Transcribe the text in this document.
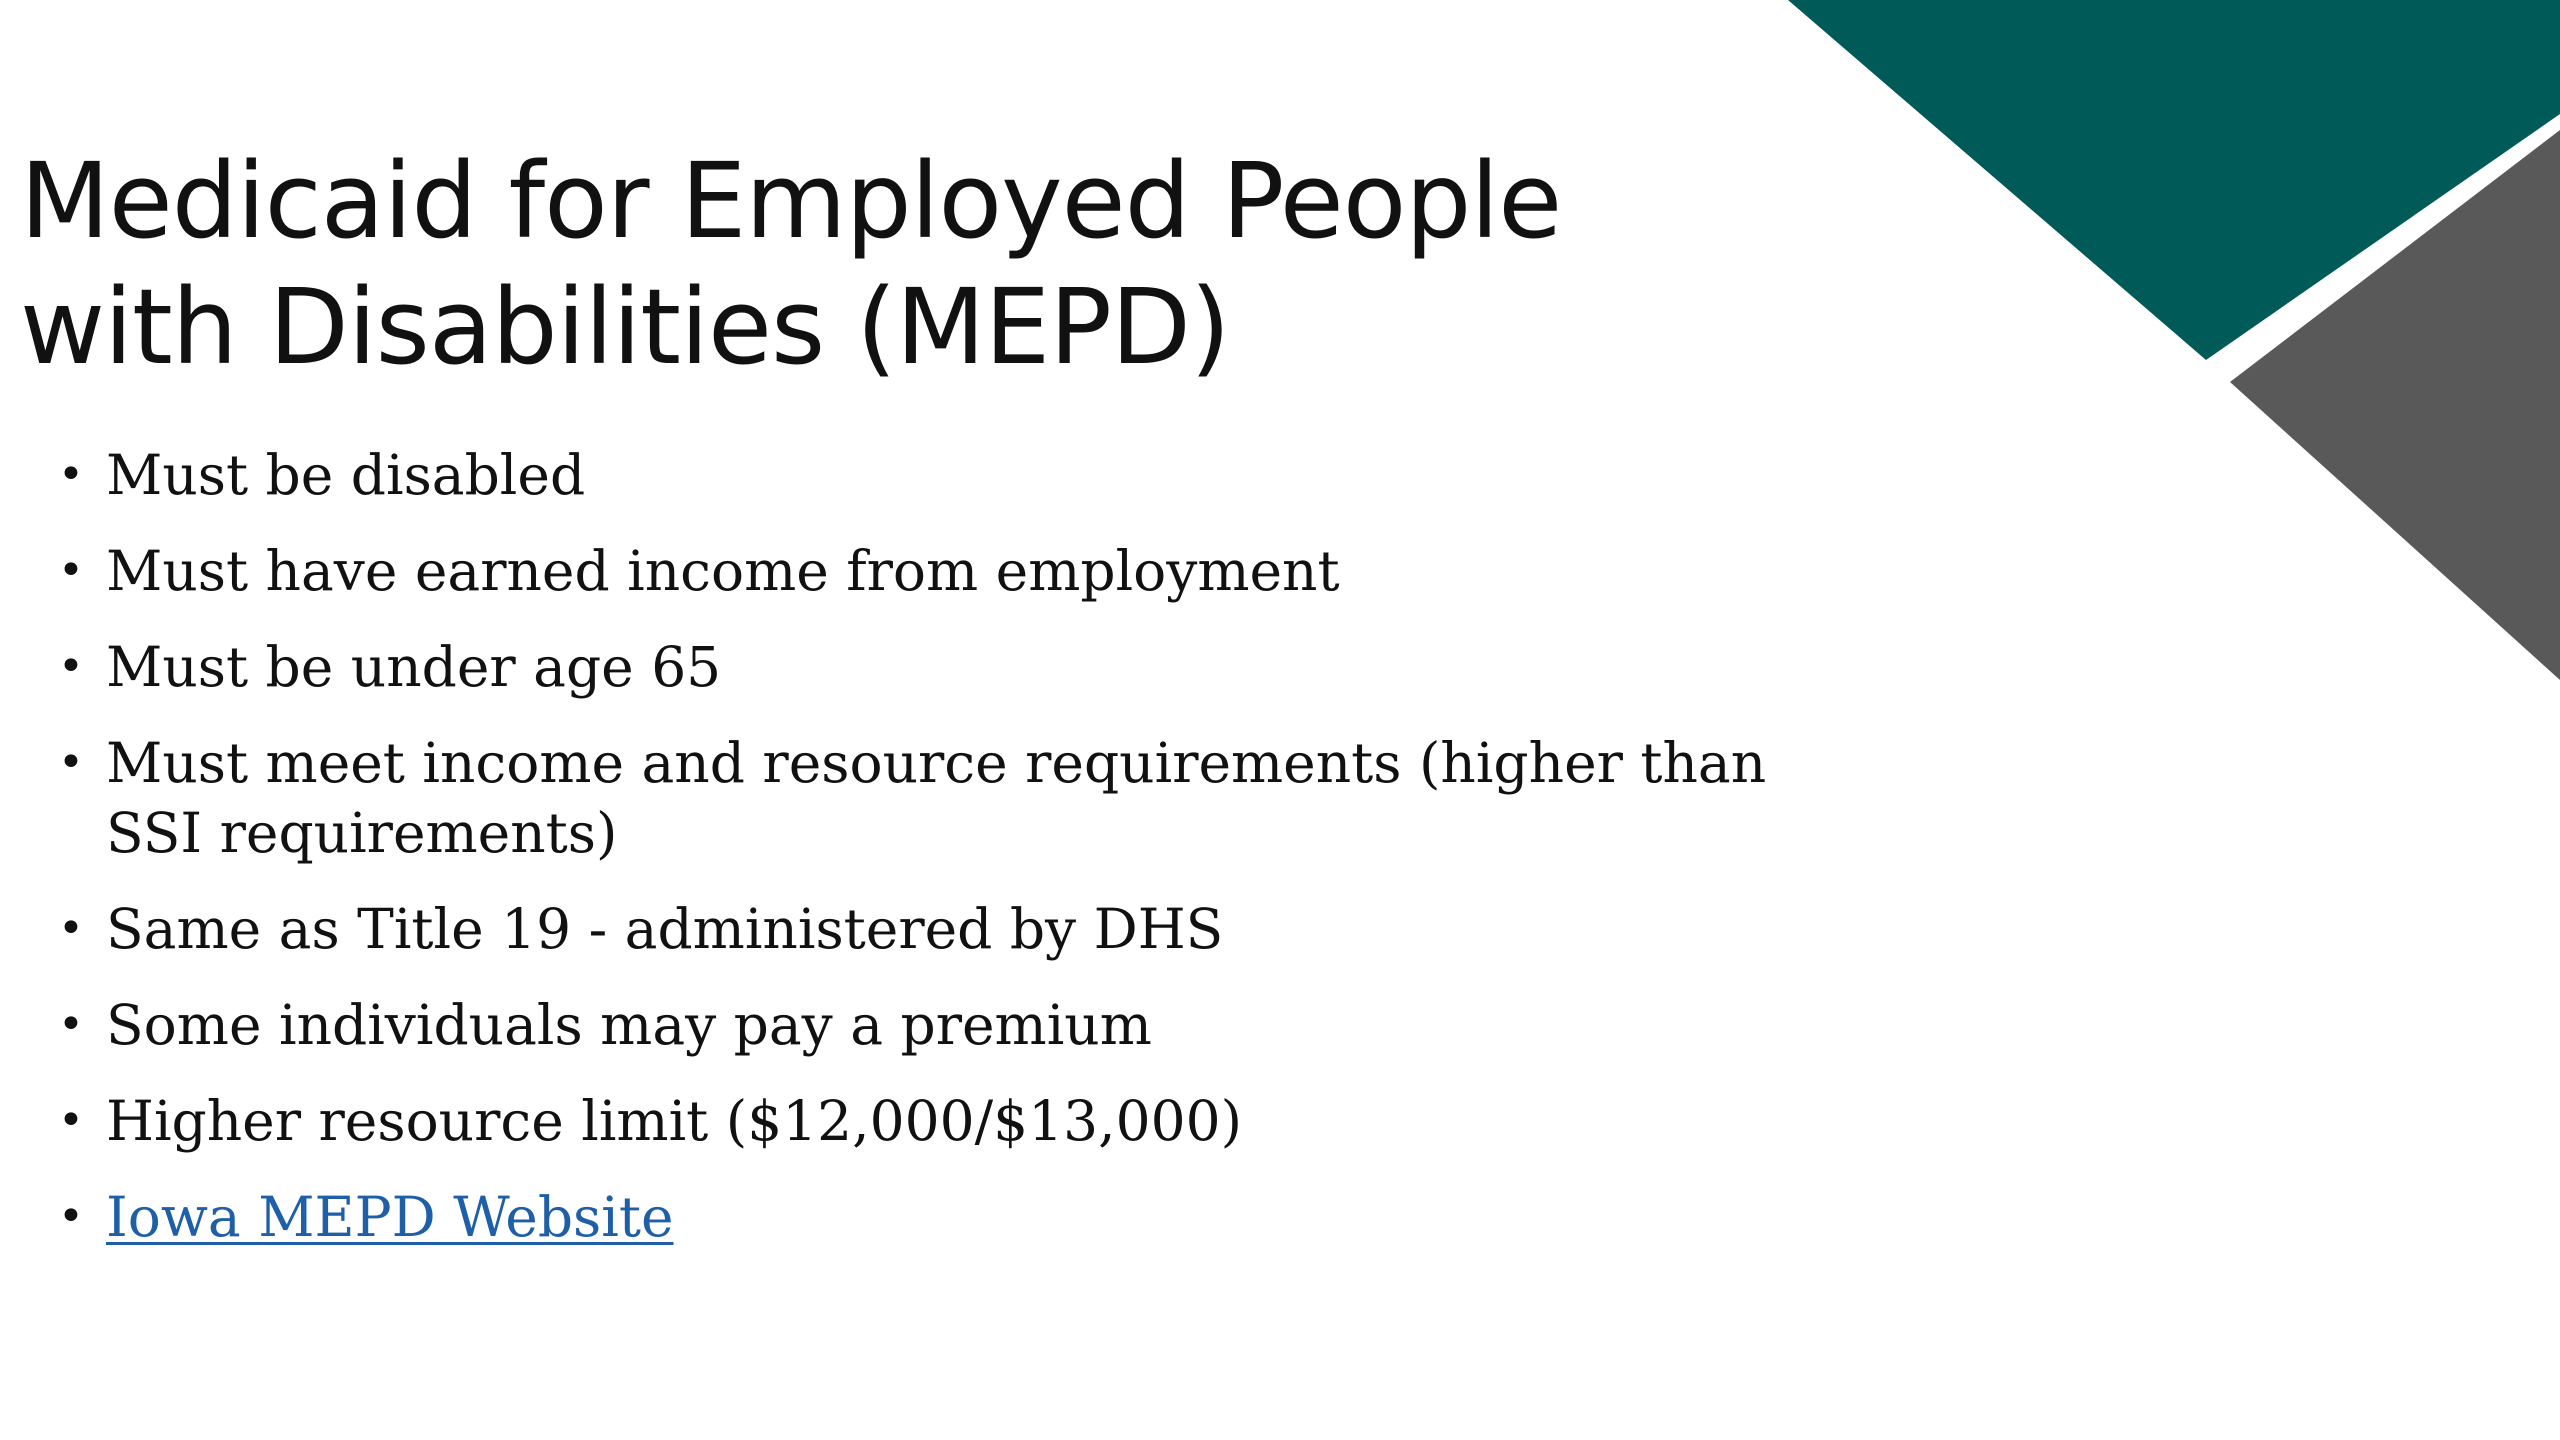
Medicaid for Employed People
with Disabilities (MEPD)
• Must be disabled
• Must have earned income from employment
• Must be under age 65
• Must meet income and resource requirements (higher than SSI requirements)
• Same as Title 19 - administered by DHS
• Some individuals may pay a premium
• Higher resource limit ($12,000/$13,000)
• Iowa MEPD Website
